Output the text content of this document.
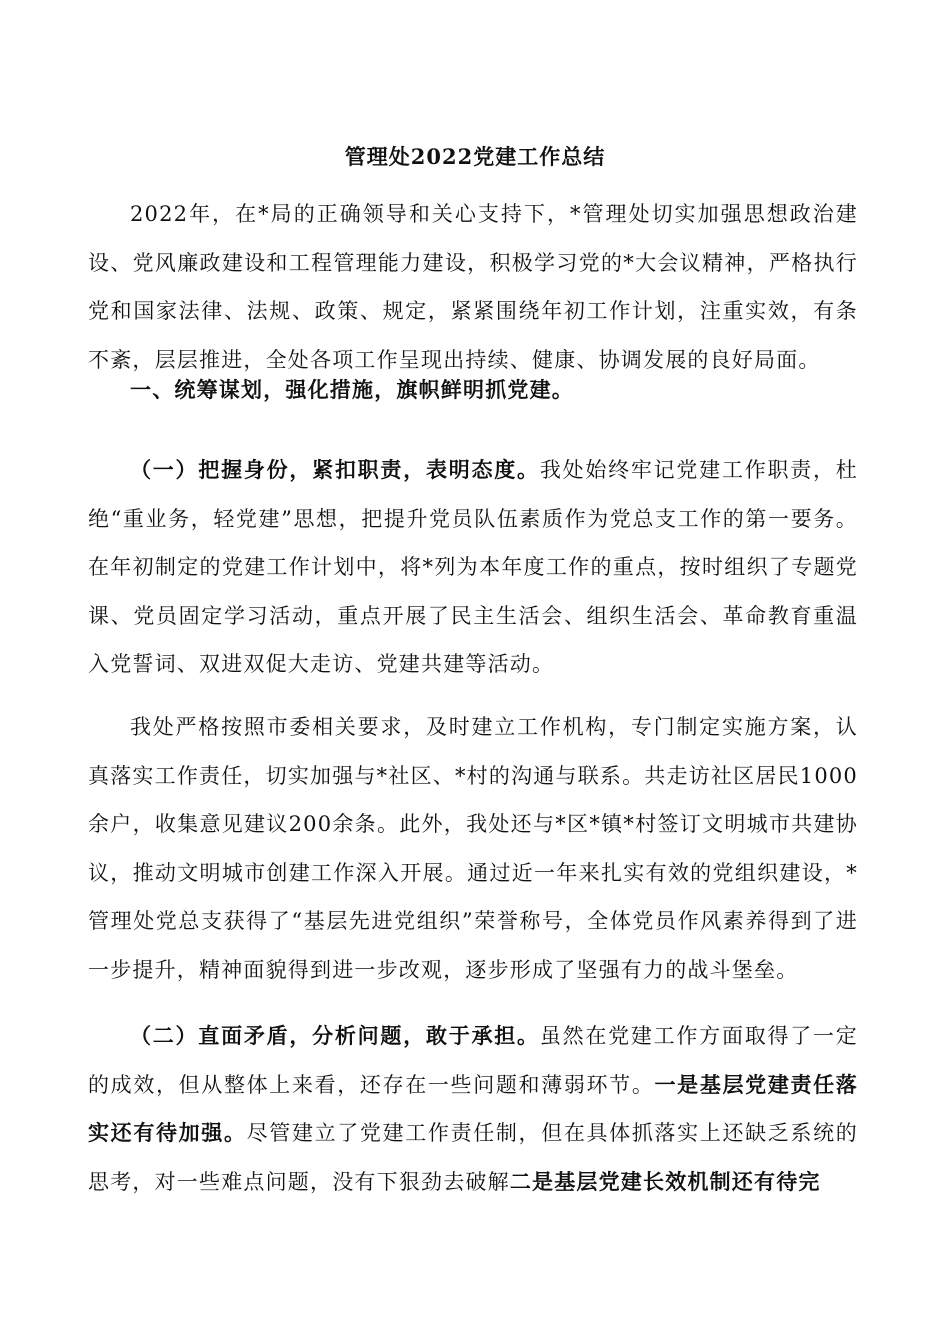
管理处2022党建工作总结

2022年，在*局的正确领导和关心支持下，*管理处切实加强思想政治建设、党风廉政建设和工程管理能力建设，积极学习党的*大会议精神，严格执行党和国家法律、法规、政策、规定，紧紧围绕年初工作计划，注重实效，有条不紊，层层推进，全处各项工作呈现出持续、健康、协调发展的良好局面。

一、统筹谋划，强化措施，旗帜鲜明抓党建。

（一）把握身份，紧扣职责，表明态度。我处始终牢记党建工作职责，杜绝“重业务，轻党建”思想，把提升党员队伍素质作为党总支工作的第一要务。在年初制定的党建工作计划中，将*列为本年度工作的重点，按时组织了专题党课、党员固定学习活动，重点开展了民主生活会、组织生活会、革命教育重温入党誓词、双进双促大走访、党建共建等活动。

我处严格按照市委相关要求，及时建立工作机构，专门制定实施方案，认真落实工作责任，切实加强与*社区、*村的沟通与联系。共走访社区居民1000余户，收集意见建议200余条。此外，我处还与*区*镇*村签订文明城市共建协议，推动文明城市创建工作深入开展。通过近一年来扎实有效的党组织建设，*管理处党总支获得了“基层先进党组织”荣誉称号，全体党员作风素养得到了进一步提升，精神面貌得到进一步改观，逐步形成了坚强有力的战斗堡垒。

（二）直面矛盾，分析问题，敢于承担。虽然在党建工作方面取得了一定的成效，但从整体上来看，还存在一些问题和薄弱环节。一是基层党建责任落实还有待加强。尽管建立了党建工作责任制，但在具体抓落实上还缺乏系统的思考，对一些难点问题，没有下狠劲去破解二是基层党建长效机制还有待完
